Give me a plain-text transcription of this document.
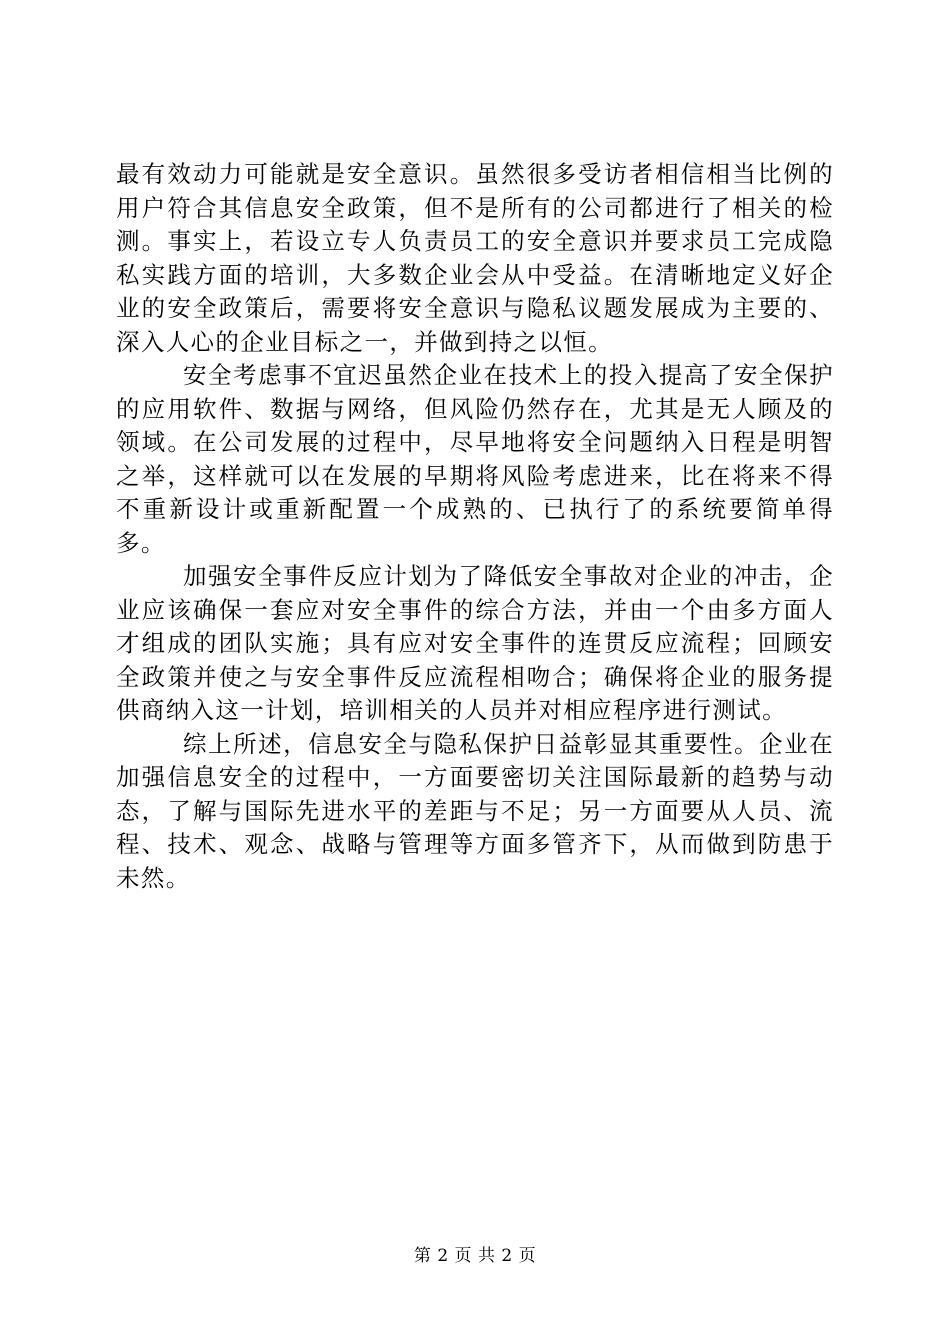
最有效动力可能就是安全意识。虽然很多受访者相信相当比例的用户符合其信息安全政策，但不是所有的公司都进行了相关的检测。事实上，若设立专人负责员工的安全意识并要求员工完成隐私实践方面的培训，大多数企业会从中受益。在清晰地定义好企业的安全政策后，需要将安全意识与隐私议题发展成为主要的、深入人心的企业目标之一，并做到持之以恒。

安全考虑事不宜迟虽然企业在技术上的投入提高了安全保护的应用软件、数据与网络，但风险仍然存在，尤其是无人顾及的领域。在公司发展的过程中，尽早地将安全问题纳入日程是明智之举，这样就可以在发展的早期将风险考虑进来，比在将来不得不重新设计或重新配置一个成熟的、已执行了的系统要简单得多。

加强安全事件反应计划为了降低安全事故对企业的冲击，企业应该确保一套应对安全事件的综合方法，并由一个由多方面人才组成的团队实施；具有应对安全事件的连贯反应流程；回顾安全政策并使之与安全事件反应流程相吻合；确保将企业的服务提供商纳入这一计划，培训相关的人员并对相应程序进行测试。

综上所述，信息安全与隐私保护日益彰显其重要性。企业在加强信息安全的过程中，一方面要密切关注国际最新的趋势与动态，了解与国际先进水平的差距与不足；另一方面要从人员、流程、技术、观念、战略与管理等方面多管齐下，从而做到防患于未然。

第 2 页 共 2 页
